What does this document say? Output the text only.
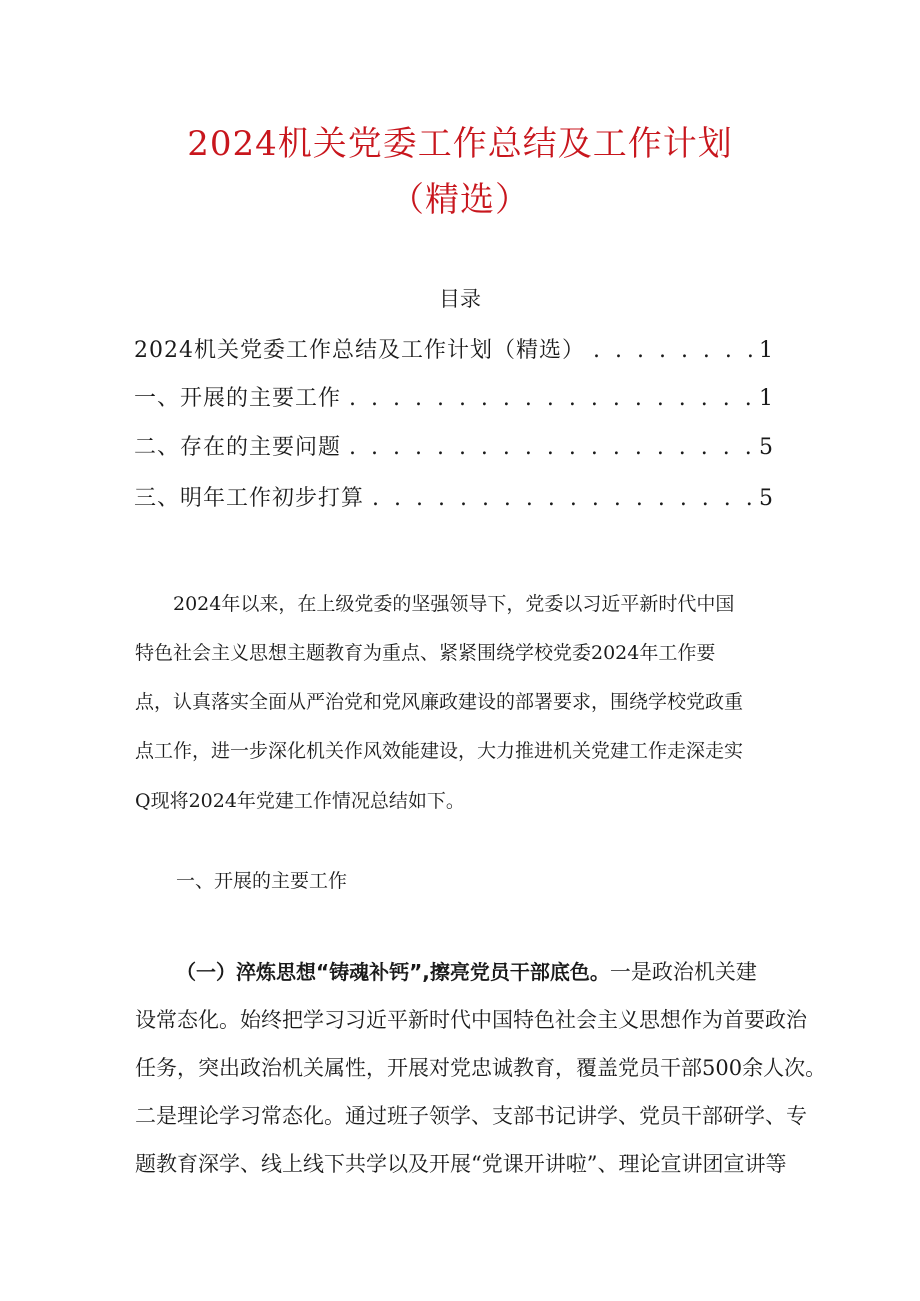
2024机关党委工作总结及工作计划
（精选）
目录
2024机关党委工作总结及工作计划（精选） . . .	1
一、开展的主要工作 . . .	1
二、存在的主要问题 . . .	5
三、明年工作初步打算 . . .	5

　　2024年以来，在上级党委的坚强领导下，党委以习近平新时代中国

特色社会主义思想主题教育为重点、紧紧围绕学校党委2024年工作要

点，认真落实全面从严治党和党风廉政建设的部署要求，围绕学校党政重

点工作，进一步深化机关作风效能建设，大力推进机关党建工作走深走实

Q现将2024年党建工作情况总结如下。

一、开展的主要工作

（一）淬炼思想“铸魂补钙”,擦亮党员干部底色。一是政治机关建

设常态化。始终把学习习近平新时代中国特色社会主义思想作为首要政治

任务，突出政治机关属性，开展对党忠诚教育，覆盖党员干部500余人次。

二是理论学习常态化。通过班子领学、支部书记讲学、党员干部研学、专

题教育深学、线上线下共学以及开展“党课开讲啦”、理论宣讲团宣讲等
